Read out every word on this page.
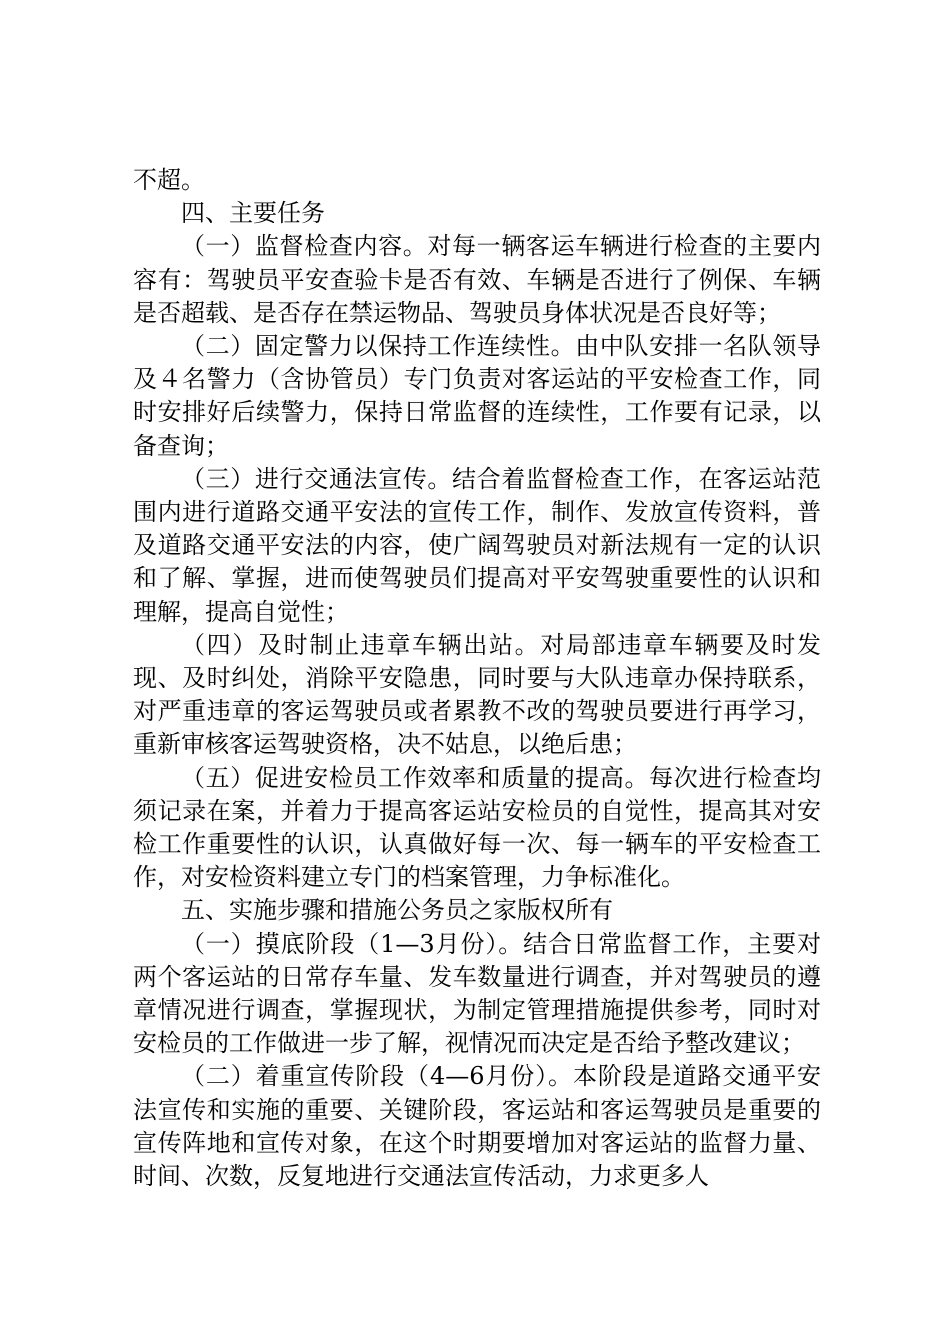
不超。

四、主要任务

（一）监督检查内容。对每一辆客运车辆进行检查的主要内容有：驾驶员平安查验卡是否有效、车辆是否进行了例保、车辆是否超载、是否存在禁运物品、驾驶员身体状况是否良好等；

（二）固定警力以保持工作连续性。由中队安排一名队领导及４名警力（含协管员）专门负责对客运站的平安检查工作，同时安排好后续警力，保持日常监督的连续性，工作要有记录，以备查询；

（三）进行交通法宣传。结合着监督检查工作，在客运站范围内进行道路交通平安法的宣传工作，制作、发放宣传资料，普及道路交通平安法的内容，使广阔驾驶员对新法规有一定的认识和了解、掌握，进而使驾驶员们提高对平安驾驶重要性的认识和理解，提高自觉性；

（四）及时制止违章车辆出站。对局部违章车辆要及时发现、及时纠处，消除平安隐患，同时要与大队违章办保持联系，对严重违章的客运驾驶员或者累教不改的驾驶员要进行再学习，重新审核客运驾驶资格，决不姑息，以绝后患；

（五）促进安检员工作效率和质量的提高。每次进行检查均须记录在案，并着力于提高客运站安检员的自觉性，提高其对安检工作重要性的认识，认真做好每一次、每一辆车的平安检查工作，对安检资料建立专门的档案管理，力争标准化。

五、实施步骤和措施公务员之家版权所有

（一）摸底阶段（1—3月份）。结合日常监督工作，主要对两个客运站的日常存车量、发车数量进行调查，并对驾驶员的遵章情况进行调查，掌握现状，为制定管理措施提供参考，同时对安检员的工作做进一步了解，视情况而决定是否给予整改建议；

（二）着重宣传阶段（4—6月份）。本阶段是道路交通平安法宣传和实施的重要、关键阶段，客运站和客运驾驶员是重要的宣传阵地和宣传对象，在这个时期要增加对客运站的监督力量、时间、次数，反复地进行交通法宣传活动，力求更多人
